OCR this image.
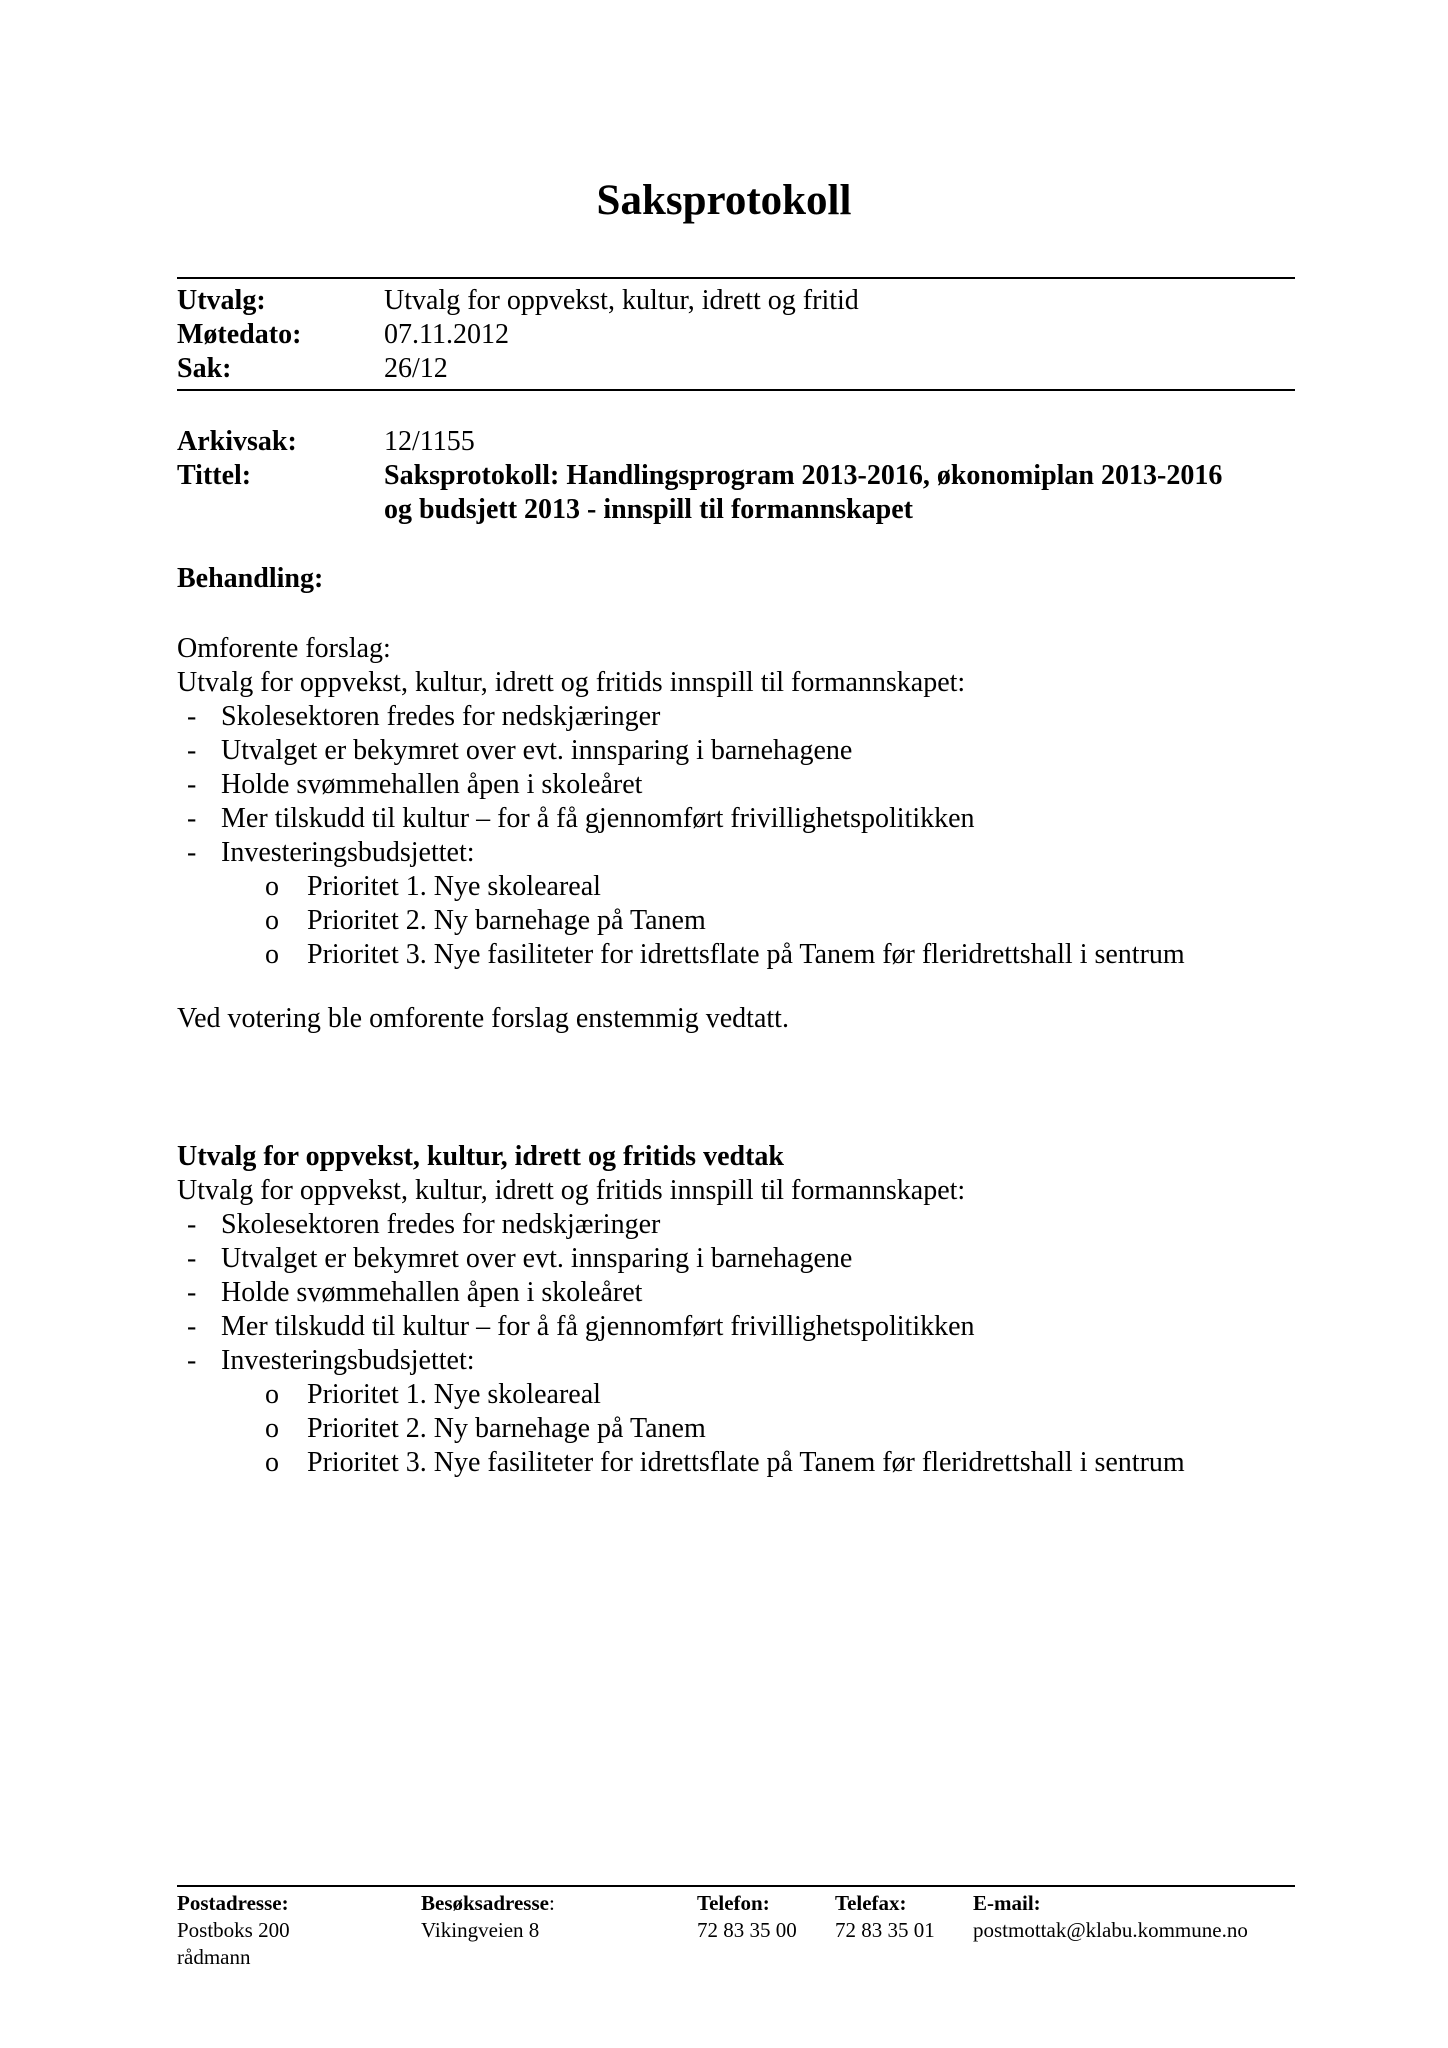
Saksprotokoll
Utvalg:	Utvalg for oppvekst, kultur, idrett og fritid
Møtedato:	07.11.2012
Sak:	26/12
Arkivsak:	12/1155
Tittel:	Saksprotokoll: Handlingsprogram 2013-2016, økonomiplan 2013-2016
og budsjett 2013 - innspill til formannskapet
Behandling:

Omforente forslag:

Utvalg for oppvekst, kultur, idrett og fritids innspill til formannskapet:

- Skolesektoren fredes for nedskjæringer
- Utvalget er bekymret over evt. innsparing i barnehagene
- Holde svømmehallen åpen i skoleåret
- Mer tilskudd til kultur – for å få gjennomført frivillighetspolitikken
- Investeringsbudsjettet:
o Prioritet 1. Nye skoleareal
o Prioritet 2. Ny barnehage på Tanem
o Prioritet 3. Nye fasiliteter for idrettsflate på Tanem før fleridrettshall i sentrum
Ved votering ble omforente forslag enstemmig vedtatt.
Utvalg for oppvekst, kultur, idrett og fritids vedtak

Utvalg for oppvekst, kultur, idrett og fritids innspill til formannskapet:

- Skolesektoren fredes for nedskjæringer
- Utvalget er bekymret over evt. innsparing i barnehagene
- Holde svømmehallen åpen i skoleåret
- Mer tilskudd til kultur – for å få gjennomført frivillighetspolitikken
- Investeringsbudsjettet:
o Prioritet 1. Nye skoleareal
o Prioritet 2. Ny barnehage på Tanem
o Prioritet 3. Nye fasiliteter for idrettsflate på Tanem før fleridrettshall i sentrum
Postadresse:
Postboks 200
rådmann
Besøksadresse:
Vikingveien 8
Telefon:
72 83 35 00
Telefax:
72 83 35 01
E-mail:
postmottak@klabu.kommune.no
